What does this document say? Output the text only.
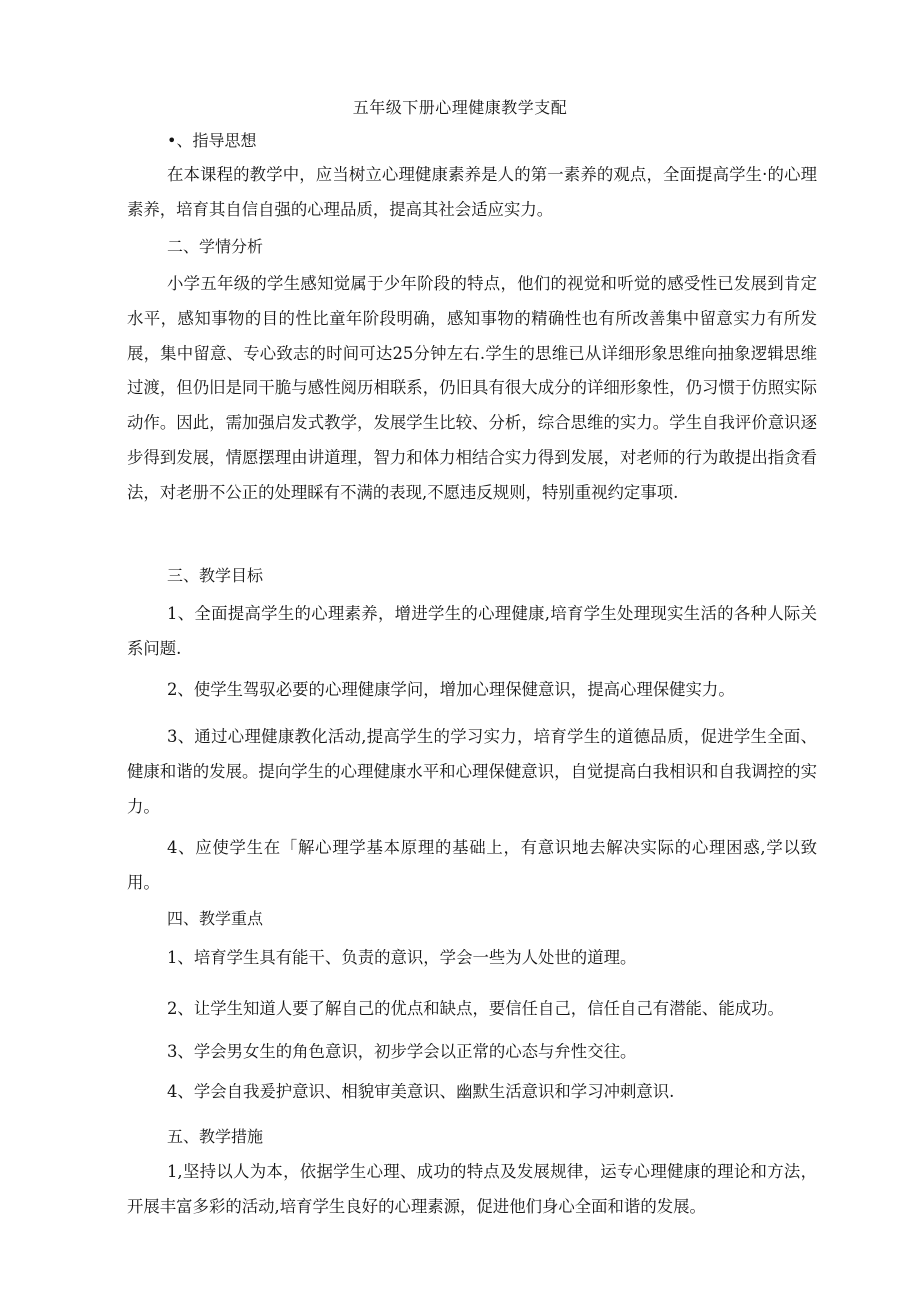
五年级下册心理健康教学支配
•、指导思想

在本课程的教学中，应当树立心理健康素养是人的第一素养的观点，全面提高学生·的心理素养，培育其自信自强的心理品质，提高其社会适应实力。

二、学情分析

小学五年级的学生感知觉属于少年阶段的特点，他们的视觉和听觉的感受性已发展到肯定水平，感知事物的目的性比童年阶段明确，感知事物的精确性也有所改善集中留意实力有所发展，集中留意、专心致志的时间可达25分钟左右.学生的思维已从详细形象思维向抽象逻辑思维过渡，但仍旧是同干脆与感性阅历相联系，仍旧具有很大成分的详细形象性，仍习惯于仿照实际动作。因此，需加强启发式教学，发展学生比较、分析，综合思维的实力。学生自我评价意识逐步得到发展，情愿摆理由讲道理，智力和体力相结合实力得到发展，对老师的行为敢提出指贪看法，对老册不公正的处理睬有不满的表现,不愿违反规则，特别重视约定事项.

三、教学目标

1、全面提高学生的心理素养，增进学生的心理健康,培育学生处理现实生活的各种人际关系问题.

2、使学生驾驭必要的心理健康学问，增加心理保健意识，提高心理保健实力。

3、通过心理健康教化活动,提高学生的学习实力，培育学生的道德品质，促进学生全面、健康和谐的发展。提向学生的心理健康水平和心理保健意识，自觉提高白我相识和自我调控的实力。

4、应使学生在「解心理学基本原理的基础上，有意识地去解决实际的心理困惑,学以致用。

四、教学重点

1、培育学生具有能干、负责的意识，学会一些为人处世的道理。

2、让学生知道人要了解自己的优点和缺点，要信任自己，信任自己有潜能、能成功。

3、学会男女生的角色意识，初步学会以正常的心态与弁性交往。

4、学会自我爰护意识、相貌审美意识、幽默生活意识和学习冲刺意识.

五、教学措施

1,坚持以人为本，依据学生心理、成功的特点及发展规律，运专心理健康的理论和方法，开展丰富多彩的活动,培育学生良好的心理素源，促进他们身心全面和谐的发展。
